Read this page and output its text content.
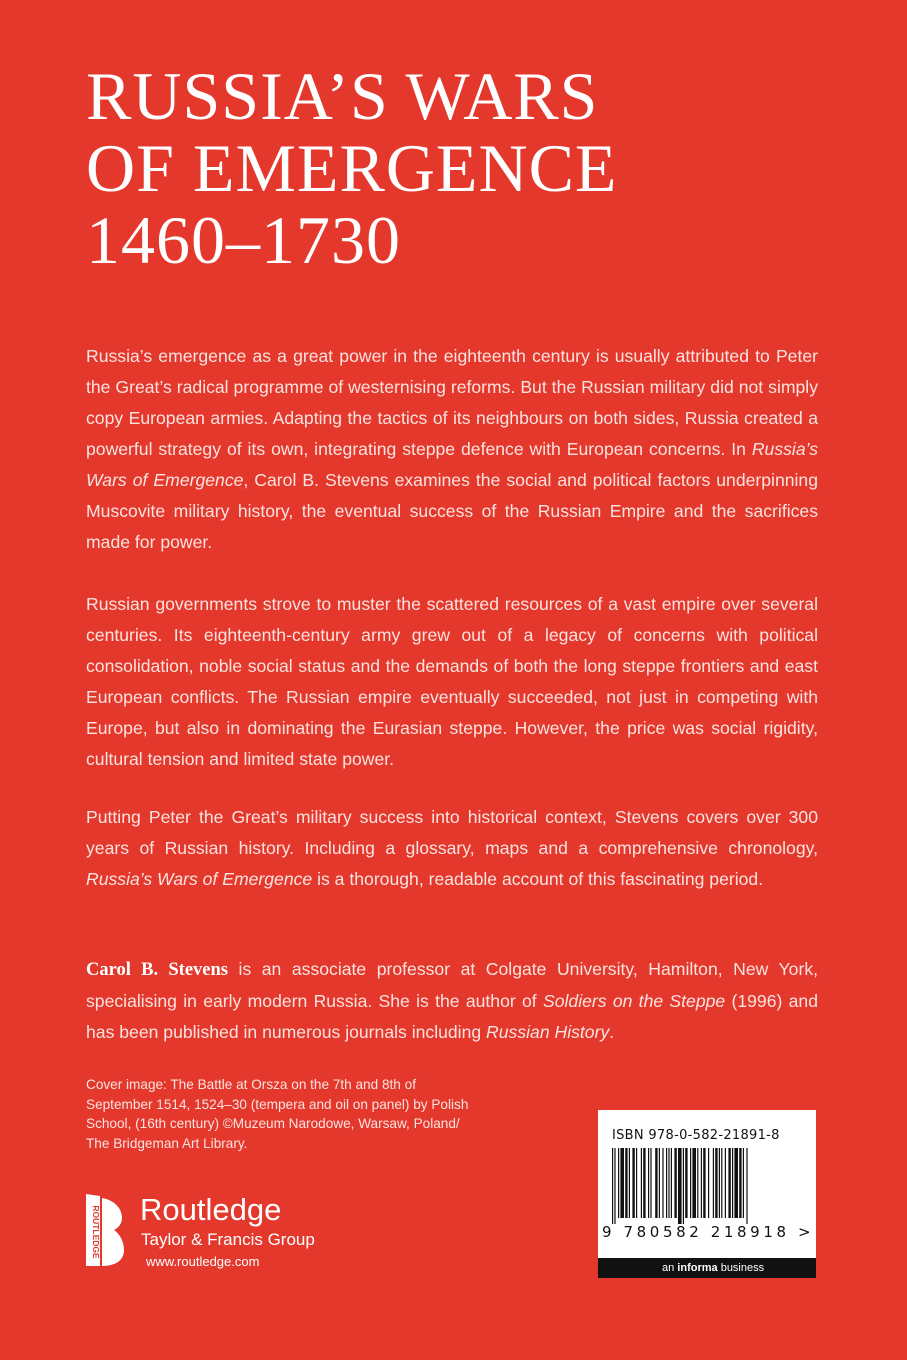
RUSSIA’S WARS
OF EMERGENCE
1460–1730

Russia’s emergence as a great power in the eighteenth century is usually attributed to Peter the Great’s radical programme of westernising reforms. But the Russian military did not simply copy European armies. Adapting the tactics of its neighbours on both sides, Russia created a powerful strategy of its own, integrating steppe defence with European concerns. In Russia’s Wars of Emergence, Carol B. Stevens examines the social and political factors underpinning Muscovite military history, the eventual success of the Russian Empire and the sacrifices made for power.

Russian governments strove to muster the scattered resources of a vast empire over several centuries. Its eighteenth-century army grew out of a legacy of concerns with political consolidation, noble social status and the demands of both the long steppe frontiers and east European conflicts. The Russian empire eventually succeeded, not just in competing with Europe, but also in dominating the Eurasian steppe. However, the price was social rigidity, cultural tension and limited state power.

Putting Peter the Great’s military success into historical context, Stevens covers over 300 years of Russian history. Including a glossary, maps and a comprehensive chronology, Russia’s Wars of Emergence is a thorough, readable account of this fascinating period.

Carol B. Stevens is an associate professor at Colgate University, Hamilton, New York, specialising in early modern Russia. She is the author of Soldiers on the Steppe (1996) and has been published in numerous journals including Russian History.

Cover image: The Battle at Orsza on the 7th and 8th of September 1514, 1524–30 (tempera and oil on panel) by Polish School, (16th century) ©Muzeum Narodowe, Warsaw, Poland/ The Bridgeman Art Library.

ROUTLEDGE Routledge
Taylor & Francis Group
www.routledge.com
ISBN 978-0-582-21891-8
9 780582 218918 >
an informa business
